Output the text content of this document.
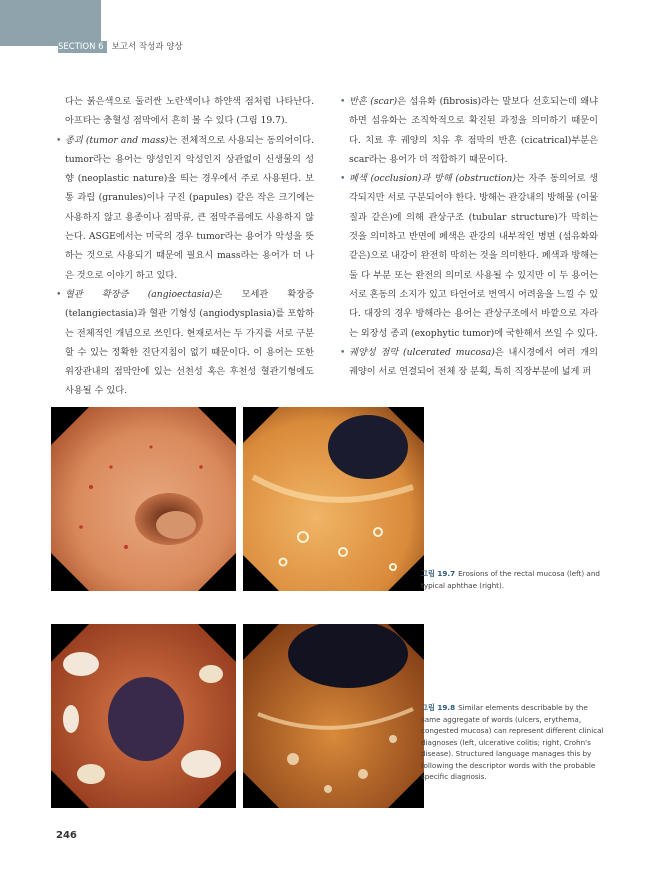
SECTION 6 보고서 작성과 양상

다는 붉은색으로 둘러싼 노란색이나 하얀색 점처럼 나타난다. 아프타는 충혈성 점막에서 흔히 볼 수 있다 (그림 19.7).

• 종괴 (tumor and mass)는 전체적으로 사용되는 동의어이다. tumor라는 용어는 양성인지 악성인지 상관없이 신생물의 성향 (neoplastic nature)을 띄는 경우에서 주로 사용된다. 보통 과립 (granules)이나 구진 (papules) 같은 작은 크기에는 사용하지 않고 용종이나 점막류, 큰 점막주름에도 사용하지 않는다. ASGE에서는 미국의 경우 tumor라는 용어가 악성을 뜻하는 것으로 사용되기 때문에 필요시 mass라는 용어가 더 나은 것으로 이야기 하고 있다.
• 혈관 확장증 (angioectasia)은 모세관 확장증 (telangiectasia)과 혈관 기형성 (angiodysplasia)를 포함하는 전체적인 개념으로 쓰인다. 현재로서는 두 가지를 서로 구분할 수 있는 정확한 진단지침이 없기 때문이다. 이 용어는 또한 위장관내의 점막안에 있는 선천성 혹은 후천성 혈관기형에도 사용될 수 있다.
• 반흔 (scar)은 섬유화 (fibrosis)라는 말보다 선호되는데 왜냐하면 섬유화는 조직학적으로 확진된 과정을 의미하기 때문이다. 치료 후 궤양의 치유 후 점막의 반흔 (cicatrical)부분은 scar라는 용어가 더 적합하기 때문이다.
• 폐색 (occlusion)과 방해 (obstruction)는 자주 동의어로 생각되지만 서로 구분되어야 한다. 방해는 관강내의 방해물 (이물질과 같은)에 의해 관상구조 (tubular structure)가 막히는 것을 의미하고 반면에 폐색은 관강의 내부적인 병변 (섬유화와 같은)으로 내강이 완전히 막히는 것을 의미한다. 폐색과 방해는 둘 다 부분 또는 완전의 의미로 사용될 수 있지만 이 두 용어는 서로 혼동의 소지가 있고 타언어로 번역시 어려움을 느낄 수 있다. 대장의 경우 방해라는 용어는 관상구조에서 바깥으로 자라는 외장성 종괴 (exophytic tumor)에 국한해서 쓰일 수 있다.
• 궤양성 점막 (ulcerated mucosa)은 내시경에서 여러 개의 궤양이 서로 연결되어 전체 장 분획, 특히 직장부분에 넓게 퍼
그림 19.7 Erosions of the rectal mucosa (left) and typical aphthae (right).
그림 19.8 Similar elements describable by the same aggregate of words (ulcers, erythema, congested mucosa) can represent different clinical diagnoses (left, ulcerative colitis; right, Crohn's disease). Structured language manages this by following the descriptor words with the probable specific diagnosis.
246
